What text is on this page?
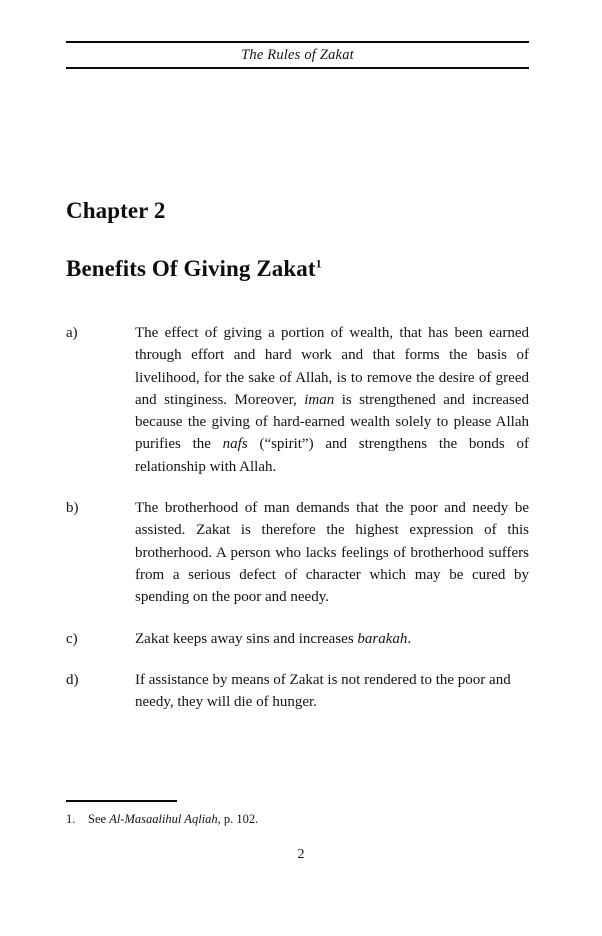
The Rules of Zakat
Chapter 2
Benefits Of Giving Zakat$^1$
a)	The effect of giving a portion of wealth, that has been earned through effort and hard work and that forms the basis of livelihood, for the sake of Allah, is to remove the desire of greed and stinginess. Moreover, iman is strengthened and increased because the giving of hard-earned wealth solely to please Allah purifies the nafs (“spirit”) and strengthens the bonds of relationship with Allah.
b)	The brotherhood of man demands that the poor and needy be assisted. Zakat is therefore the highest expression of this brotherhood. A person who lacks feelings of brotherhood suffers from a serious defect of character which may be cured by spending on the poor and needy.
c)	Zakat keeps away sins and increases barakah.
d)	If assistance by means of Zakat is not rendered to the poor and needy, they will die of hunger.
1.	See Al-Masaalihul Aqliah, p. 102.
2
